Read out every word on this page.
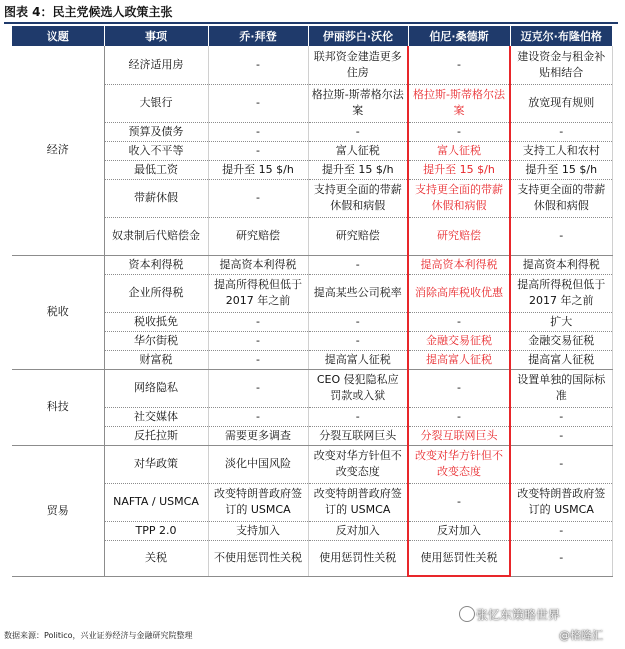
图表 4：民主党候选人政策主张
议题	事项	乔·拜登	伊丽莎白·沃伦	伯尼·桑德斯	迈克尔·布隆伯格
经济	经济适用房	-	联邦资金建造更多住房	-	建设资金与租金补贴相结合
	大银行	-	格拉斯-斯蒂格尔法案	格拉斯-斯蒂格尔法案	放宽现有规则
	预算及债务	-	-	-	-
	收入不平等	-	富人征税	富人征税	支持工人和农村
	最低工资	提升至 15 $/h	提升至 15 $/h	提升至 15 $/h	提升至 15 $/h
	带薪休假	-	支持更全面的带薪休假和病假	支持更全面的带薪休假和病假	支持更全面的带薪休假和病假
	奴隶制后代赔偿金	研究赔偿	研究赔偿	研究赔偿	-
税收	资本利得税	提高资本利得税	-	提高资本利得税	提高资本利得税
	企业所得税	提高所得税但低于 2017 年之前	提高某些公司税率	消除高库税收优惠	提高所得税但低于 2017 年之前
	税收抵免	-	-	-	扩大
	华尔街税	-	-	金融交易征税	金融交易征税
	财富税	-	提高富人征税	提高富人征税	提高富人征税
科技	网络隐私	-	CEO 侵犯隐私应罚款或入狱	-	设置单独的国际标准
	社交媒体	-	-	-	-
	反托拉斯	需要更多调查	分裂互联网巨头	分裂互联网巨头	-
贸易	对华政策	淡化中国风险	改变对华方针但不改变态度	改变对华方针但不改变态度	-
	NAFTA / USMCA	改变特朗普政府签订的 USMCA	改变特朗普政府签订的 USMCA	-	改变特朗普政府签订的 USMCA
	TPP 2.0	支持加入	反对加入	反对加入	-
	关税	不使用惩罚性关税	使用惩罚性关税	使用惩罚性关税	-
数据来源：Politico，兴业证券经济与金融研究院整理
张忆东策略世界
@格隆汇
